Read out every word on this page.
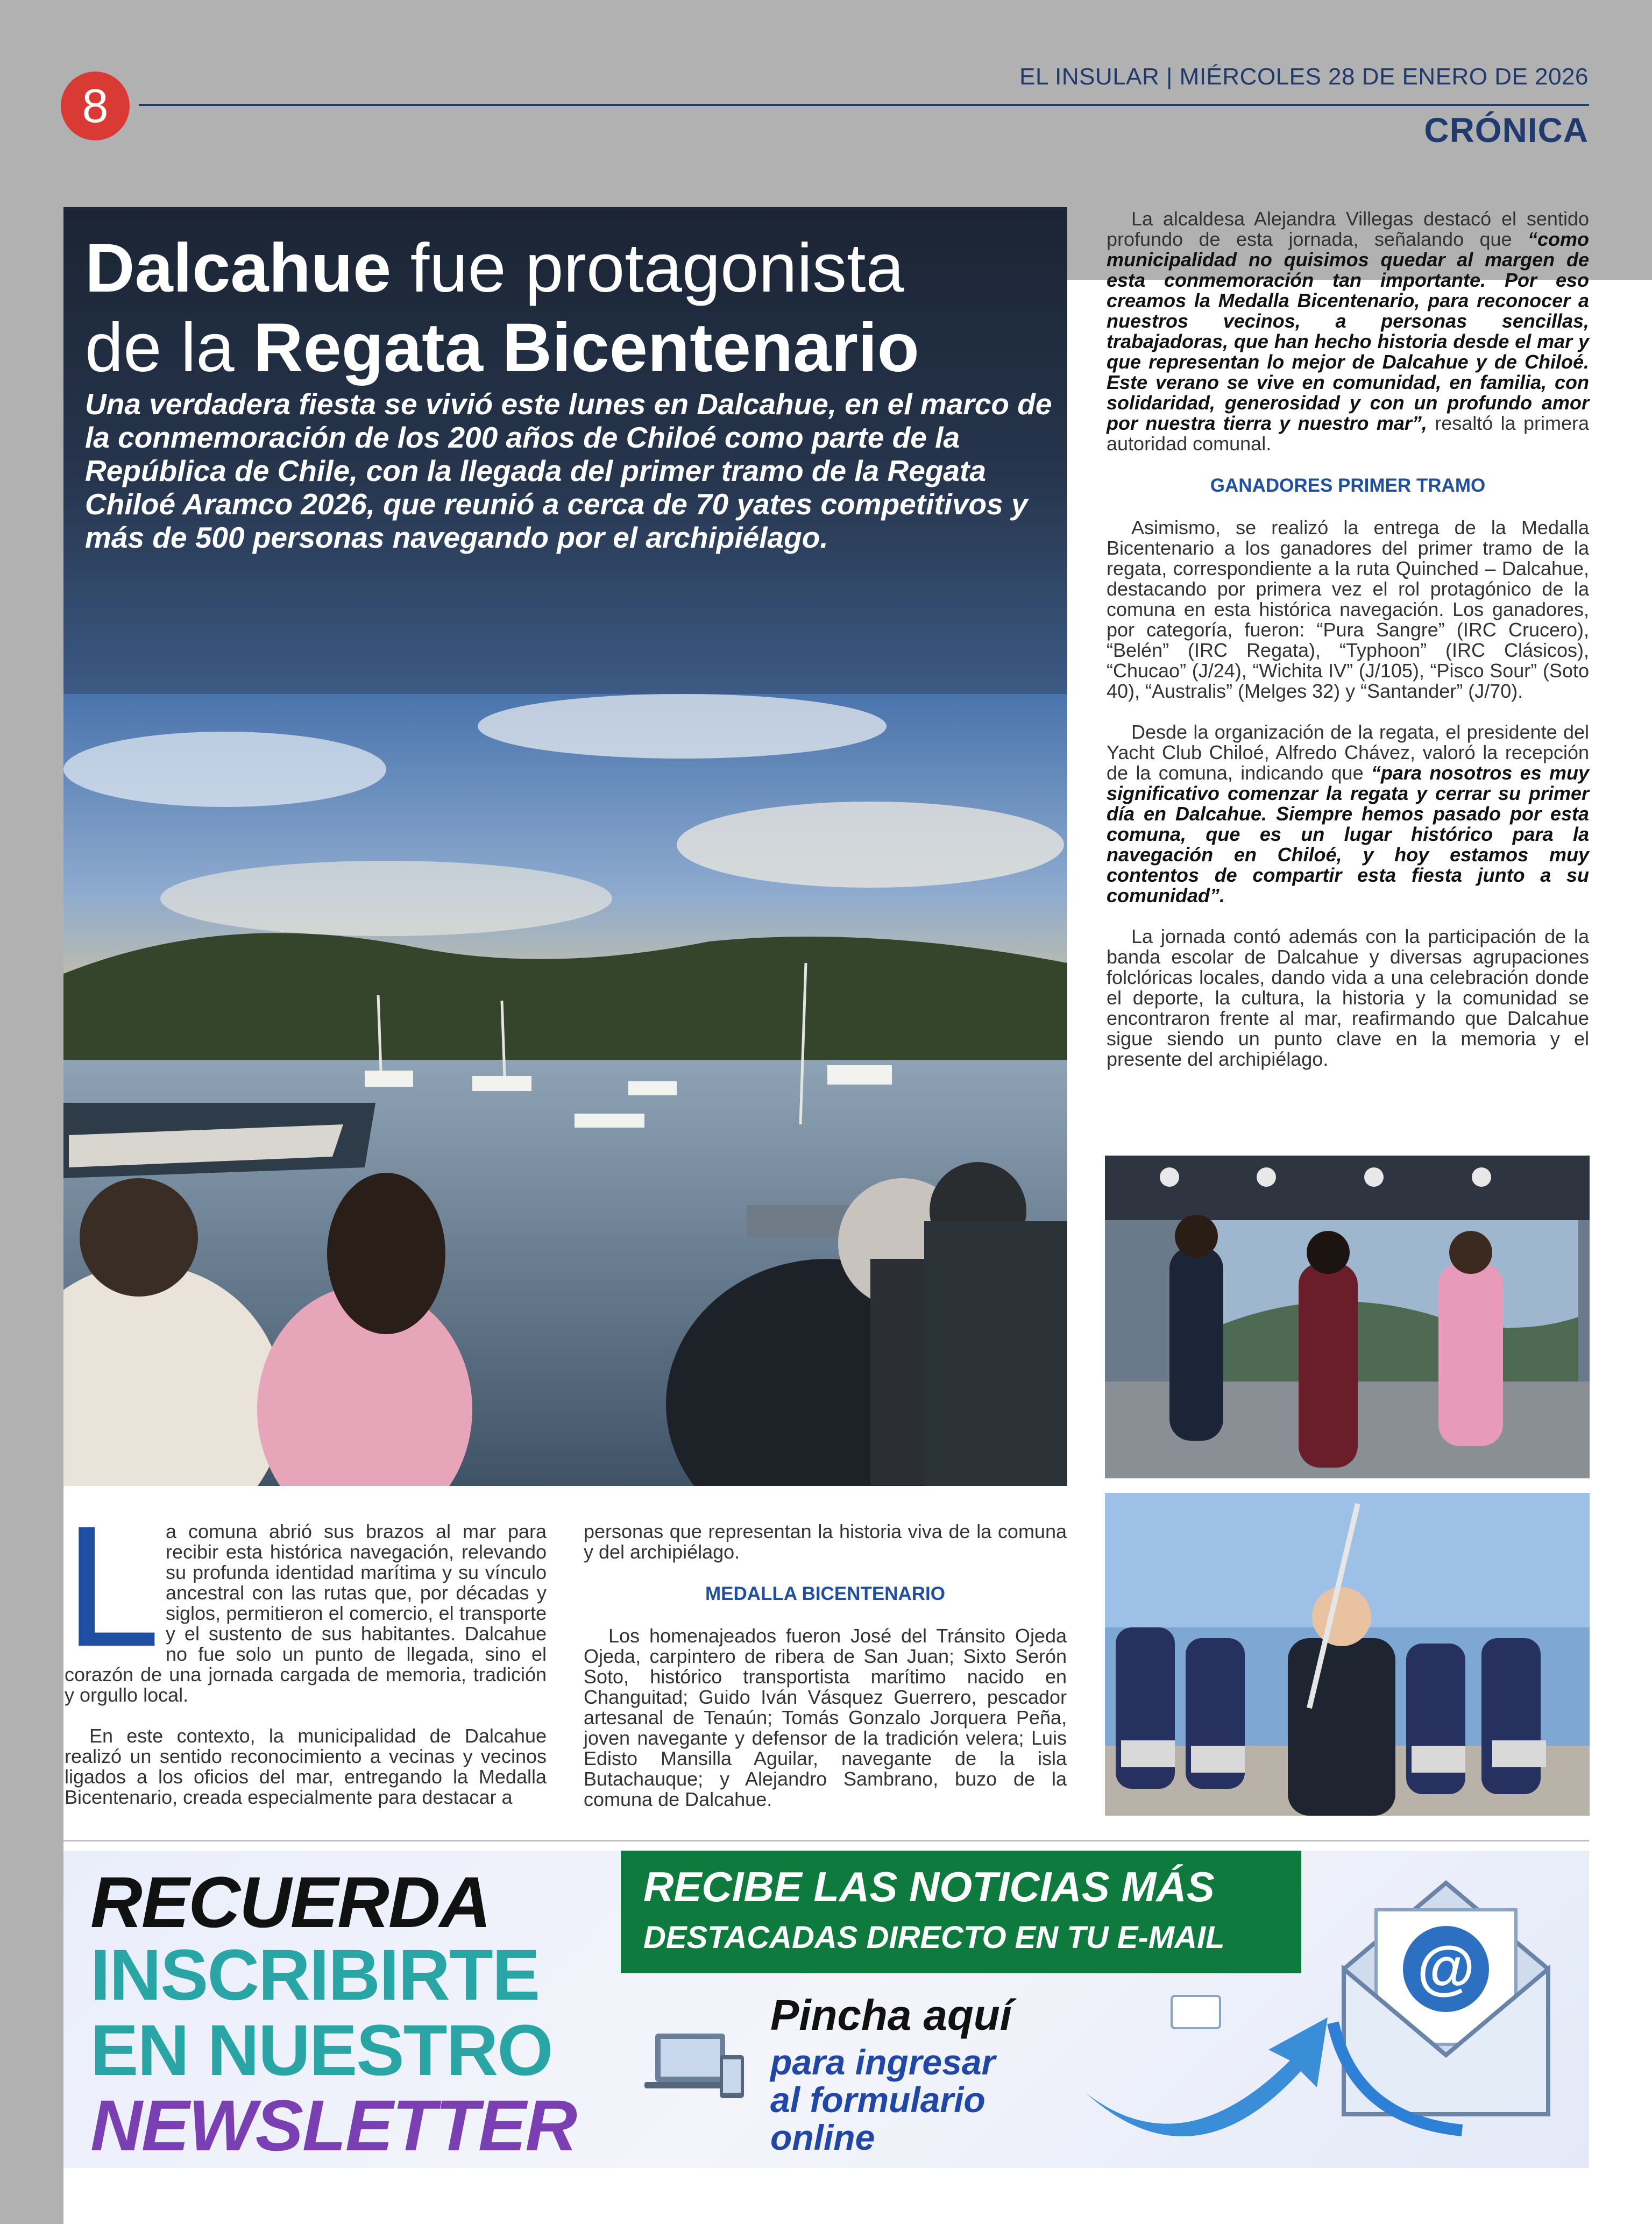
8
EL INSULAR | MIÉRCOLES 28 DE ENERO DE 2026
CRÓNICA
Dalcahue fue protagonista
de la Regata Bicentenario
Una verdadera fiesta se vivió este lunes en Dalcahue, en el marco de la conmemoración de los 200 años de Chiloé como parte de la República de Chile, con la llegada del primer tramo de la Regata Chiloé Aramco 2026, que reunió a cerca de 70 yates competitivos y más de 500 personas navegando por el archipiélago.

La alcaldesa Alejandra Villegas destacó el sentido profundo de esta jornada, señalando que “como municipalidad no quisimos quedar al margen de esta conmemoración tan importante. Por eso creamos la Medalla Bicentenario, para reconocer a nuestros vecinos, a personas sencillas, trabajadoras, que han hecho historia desde el mar y que representan lo mejor de Dalcahue y de Chiloé. Este verano se vive en comunidad, en familia, con solidaridad, generosidad y con un profundo amor por nuestra tierra y nuestro mar”, resaltó la primera autoridad comunal.

GANADORES PRIMER TRAMO

Asimismo, se realizó la entrega de la Medalla Bicentenario a los ganadores del primer tramo de la regata, correspondiente a la ruta Quinched – Dalcahue, destacando por primera vez el rol protagónico de la comuna en esta histórica navegación. Los ganadores, por categoría, fueron: “Pura Sangre” (IRC Crucero), “Belén” (IRC Regata), “Typhoon” (IRC Clásicos), “Chucao” (J/24), “Wichita IV” (J/105), “Pisco Sour” (Soto 40), “Australis” (Melges 32) y “Santander” (J/70).

Desde la organización de la regata, el presidente del Yacht Club Chiloé, Alfredo Chávez, valoró la recepción de la comuna, indicando que “para nosotros es muy significativo comenzar la regata y cerrar su primer día en Dalcahue. Siempre hemos pasado por esta comuna, que es un lugar histórico para la navegación en Chiloé, y hoy estamos muy contentos de compartir esta fiesta junto a su comunidad”.

La jornada contó además con la participación de la banda escolar de Dalcahue y diversas agrupaciones folclóricas locales, dando vida a una celebración donde el deporte, la cultura, la historia y la comunidad se encontraron frente al mar, reafirmando que Dalcahue sigue siendo un punto clave en la memoria y el presente del archipiélago.

L a comuna abrió sus brazos al mar para recibir esta histórica navegación, relevando su profunda identidad marítima y su vínculo ancestral con las rutas que, por décadas y siglos, permitieron el comercio, el transporte y el sustento de sus habitantes. Dalcahue no fue solo un punto de llegada, sino el corazón de una jornada cargada de memoria, tradición y orgullo local.

En este contexto, la municipalidad de Dalcahue realizó un sentido reconocimiento a vecinas y vecinos ligados a los oficios del mar, entregando la Medalla Bicentenario, creada especialmente para destacar a

personas que representan la historia viva de la comuna y del archipiélago.

MEDALLA BICENTENARIO

Los homenajeados fueron José del Tránsito Ojeda Ojeda, carpintero de ribera de San Juan; Sixto Serón Soto, histórico transportista marítimo nacido en Changuitad; Guido Iván Vásquez Guerrero, pescador artesanal de Tenaún; Tomás Gonzalo Jorquera Peña, joven navegante y defensor de la tradición velera; Luis Edisto Mansilla Aguilar, navegante de la isla Butachauque; y Alejandro Sambrano, buzo de la comuna de Dalcahue.

RECUERDA
INSCRIBIRTE
EN NUESTRO
NEWSLETTER
RECIBE LAS NOTICIAS MÁS
DESTACADAS DIRECTO EN TU E-MAIL
Pincha aquí
para ingresar
al formulario
online
@
